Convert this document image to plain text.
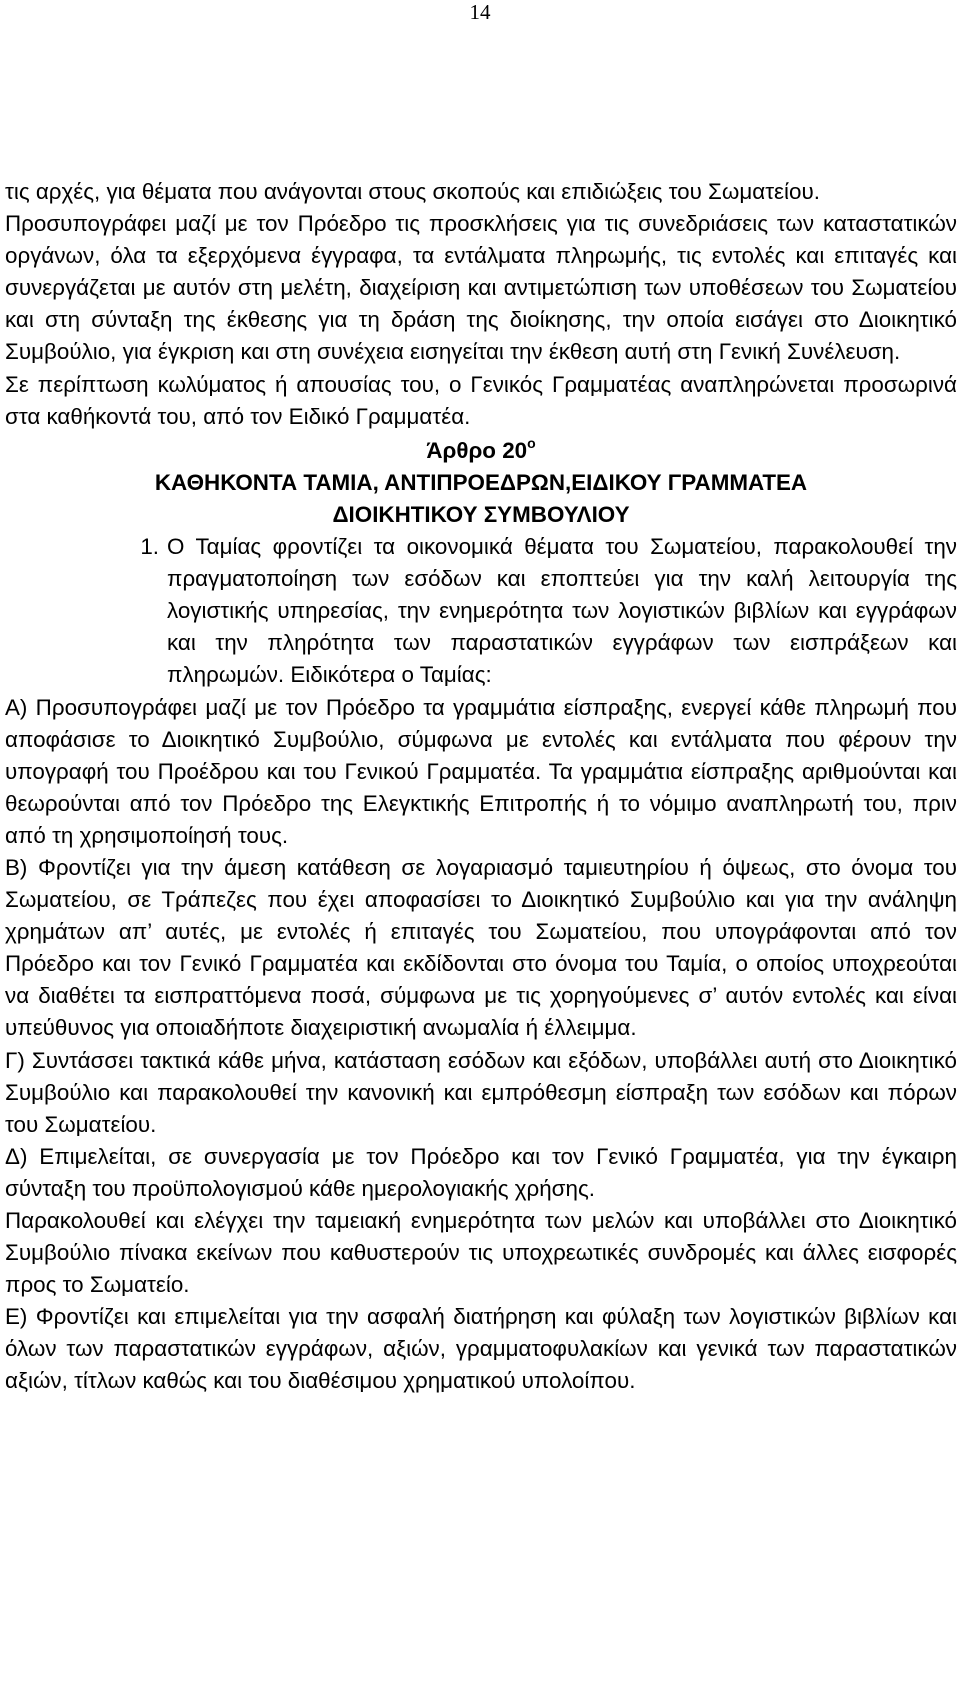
14

τις αρχές, για θέματα που ανάγονται στους σκοπούς και επιδιώξεις του Σωματείου.

Προσυπογράφει μαζί με τον Πρόεδρο τις προσκλήσεις για τις συνεδριάσεις των καταστατικών οργάνων, όλα τα εξερχόμενα έγγραφα, τα εντάλματα πληρωμής, τις εντολές και επιταγές και συνεργάζεται με αυτόν στη μελέτη, διαχείριση και αντιμετώπιση των υποθέσεων του Σωματείου και στη σύνταξη της έκθεσης για τη δράση της διοίκησης, την οποία εισάγει στο Διοικητικό Συμβούλιο, για έγκριση και στη συνέχεια εισηγείται την έκθεση αυτή στη Γενική Συνέλευση.

Σε περίπτωση κωλύματος ή απουσίας του, ο Γενικός Γραμματέας αναπληρώνεται προσωρινά στα καθήκοντά του, από τον Ειδικό Γραμματέα.

Άρθρο $20^o$
ΚΑΘΗΚΟΝΤΑ ΤΑΜΙΑ, ΑΝΤΙΠΡΟΕΔΡΩΝ,ΕΙΔΙΚΟΥ ΓΡΑΜΜΑΤΕΑ
ΔΙΟΙΚΗΤΙΚΟΥ ΣΥΜΒΟΥΛΙΟΥ
1. Ο Ταμίας φροντίζει τα οικονομικά θέματα του Σωματείου, παρακολουθεί την πραγματοποίηση των εσόδων και εποπτεύει για την καλή λειτουργία της λογιστικής υπηρεσίας, την ενημερότητα των λογιστικών βιβλίων και εγγράφων και την πληρότητα των παραστατικών εγγράφων των εισπράξεων και πληρωμών. Ειδικότερα ο Ταμίας:

Α) Προσυπογράφει μαζί με τον Πρόεδρο τα γραμμάτια είσπραξης, ενεργεί κάθε πληρωμή που αποφάσισε το Διοικητικό Συμβούλιο, σύμφωνα με εντολές και εντάλματα που φέρουν την υπογραφή του Προέδρου και του Γενικού Γραμματέα. Τα γραμμάτια είσπραξης αριθμούνται και θεωρούνται από τον Πρόεδρο της Ελεγκτικής Επιτροπής ή το νόμιμο αναπληρωτή του, πριν από τη χρησιμοποίησή τους.

Β) Φροντίζει για την άμεση κατάθεση σε λογαριασμό ταμιευτηρίου ή όψεως, στο όνομα του Σωματείου, σε Τράπεζες που έχει αποφασίσει το Διοικητικό Συμβούλιο και για την ανάληψη χρημάτων απ’ αυτές, με εντολές ή επιταγές του Σωματείου, που υπογράφονται από τον Πρόεδρο και τον Γενικό Γραμματέα και εκδίδονται στο όνομα του Ταμία, ο οποίος υποχρεούται να διαθέτει τα εισπραττόμενα ποσά, σύμφωνα με τις χορηγούμενες σ’ αυτόν εντολές και είναι υπεύθυνος για οποιαδήποτε διαχειριστική ανωμαλία ή έλλειμμα.

Γ) Συντάσσει τακτικά κάθε μήνα, κατάσταση εσόδων και εξόδων, υποβάλλει αυτή στο Διοικητικό Συμβούλιο και παρακολουθεί την κανονική και εμπρόθεσμη είσπραξη των εσόδων και πόρων του Σωματείου.

Δ) Επιμελείται, σε συνεργασία με τον Πρόεδρο και τον Γενικό Γραμματέα, για την έγκαιρη σύνταξη του προϋπολογισμού κάθε ημερολογιακής χρήσης.

Παρακολουθεί και ελέγχει την ταμειακή ενημερότητα των μελών και υποβάλλει στο Διοικητικό Συμβούλιο πίνακα εκείνων που καθυστερούν τις υποχρεωτικές συνδρομές και άλλες εισφορές προς το Σωματείο.

Ε) Φροντίζει και επιμελείται για την ασφαλή διατήρηση και φύλαξη των λογιστικών βιβλίων και όλων των παραστατικών εγγράφων, αξιών, γραμματοφυλακίων και γενικά των παραστατικών αξιών, τίτλων καθώς και του διαθέσιμου χρηματικού υπολοίπου.
